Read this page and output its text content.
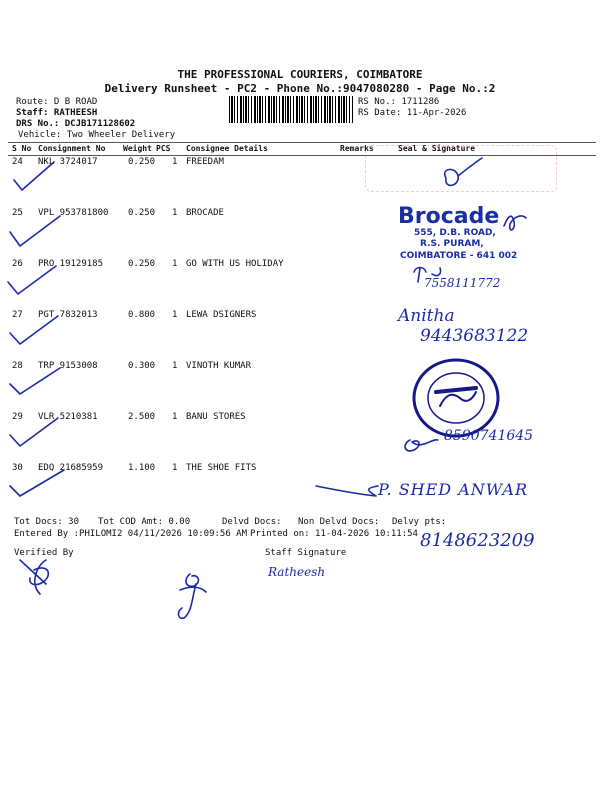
THE PROFESSIONAL COURIERS, COIMBATORE
Delivery Runsheet - PC2 - Phone No.:9047080280 - Page No.:2
Route: D B ROAD
Staff: RATHEESH
DRS No.: DCJB171128602
Vehicle: Two Wheeler Delivery
RS No.: 1711286
RS Date: 11-Apr-2026
S No Consignment No Weight PCS Consignee Details	Remarks	Seal & Signature
24 NKL 3724017	0.250 1 FREEDAM
25 VPL 953781800 0.250 1 BROCADE
26 PRO 19129185	0.250 1 GO WITH US HOLIDAY
27 PGT 7832013	0.800 1 LEWA DSIGNERS
28 TRP 9153008	0.300 1 VINOTH KUMAR
29 VLR 5210381	2.500 1 BANU STORES
30 EDQ 21685959	1.100 1 THE SHOE FITS
Brocade
555, D.B. ROAD,
R.S. PURAM,
COIMBATORE - 641 002
7558111772
Anitha
9443683122
8590741645
P. SHED ANWAR
8148623209
Tot Docs: 30 Tot COD Amt: 0.00	Delvd Docs: Non Delvd Docs: Delvy pts:
Entered By :PHILOMI2 04/11/2026 10:09:56 AM Printed on: 11-04-2026 10:11:54
Verified By	Staff Signature
Ratheesh
